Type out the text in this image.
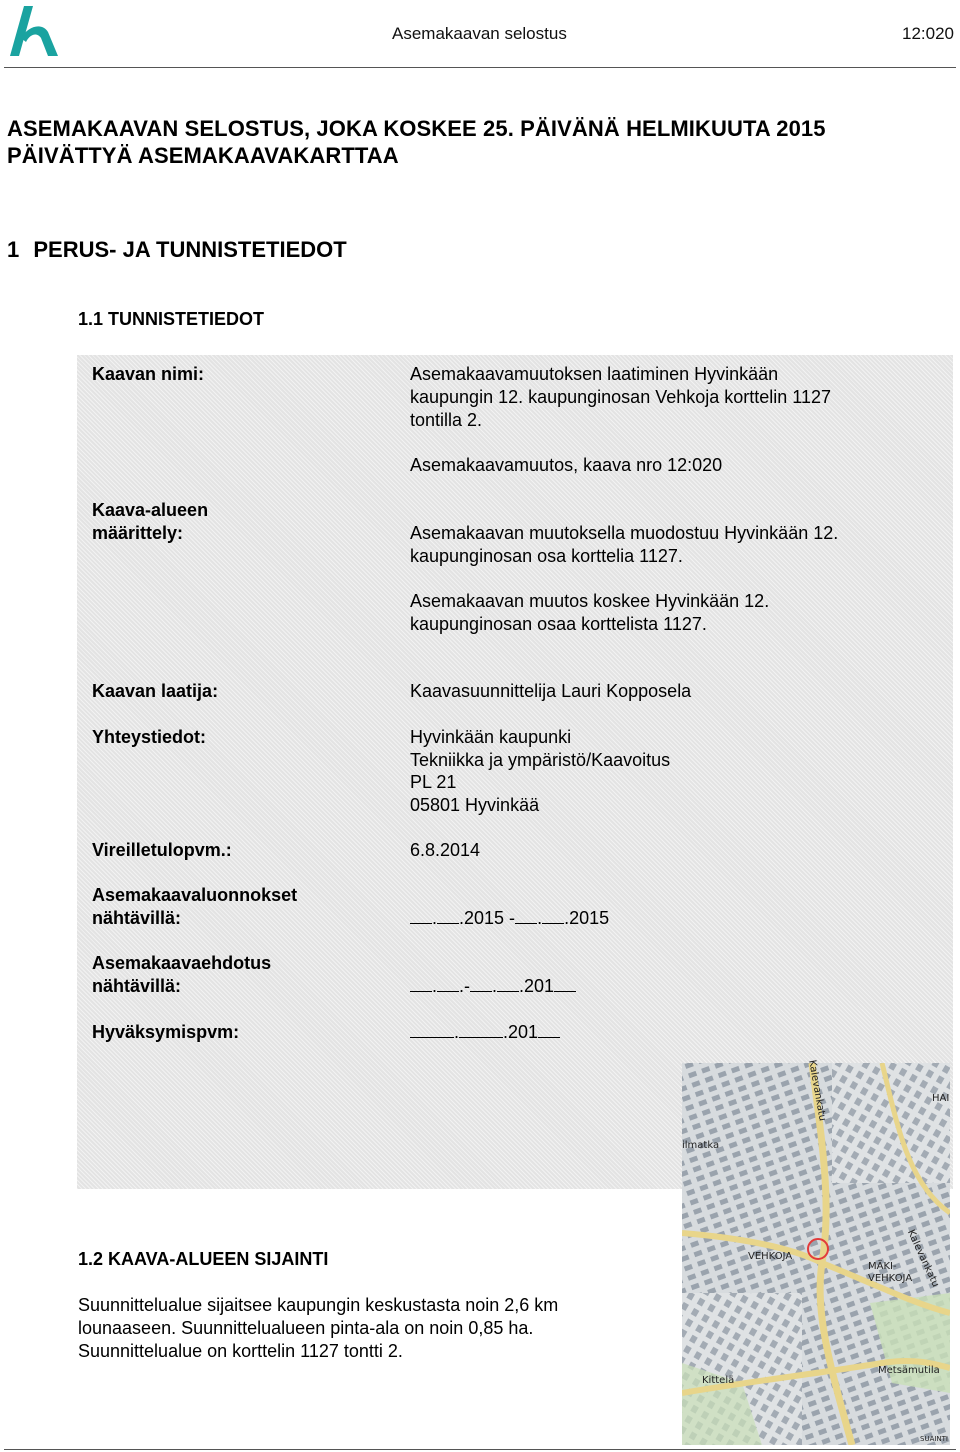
Asemakaavan selostus	12:020
ASEMAKAAVAN SELOSTUS, JOKA KOSKEE 25. PÄIVÄNÄ HELMIKUUTA 2015
PÄIVÄTTYÄ ASEMAKAAVAKARTTAA
1 PERUS- JA TUNNISTETIEDOT
1.1 TUNNISTETIEDOT
Kaavan nimi:	Asemakaavamuutoksen laatiminen Hyvinkään
kaupungin 12. kaupunginosan Vehkoja korttelin 1127
tontilla 2.
Asemakaavamuutos, kaava nro 12:020
Kaava-alueen
määrittely:	Asemakaavan muutoksella muodostuu Hyvinkään 12.
kaupunginosan osa korttelia 1127.
Asemakaavan muutos koskee Hyvinkään 12.
kaupunginosan osaa korttelista 1127.
Kaavan laatija:	Kaavasuunnittelija Lauri Kopposela
Yhteystiedot:	Hyvinkään kaupunki
Tekniikka ja ympäristö/Kaavoitus
PL 21
05801 Hyvinkää
Vireilletulopvm.:	6.8.2014
Asemakaavaluonnokset
nähtävillä:	. .2015 - . .2015
Asemakaavaehdotus
nähtävillä:	. .- . .201
Hyväksymispvm:	. .201
1.2 KAAVA-ALUEEN SIJAINTI
Suunnittelualue sijaitsee kaupungin keskustasta noin 2,6 km
lounaaseen. Suunnittelualueen pinta-ala on noin 0,85 ha.
Suunnittelualue on korttelin 1127 tontti 2.
Kalevankatu	HAI
ilmatka
VEHKOJA
MÄKI-
VEHKOJA
Kalevankatu
Kittelä
Metsämutila
SUAINTI
